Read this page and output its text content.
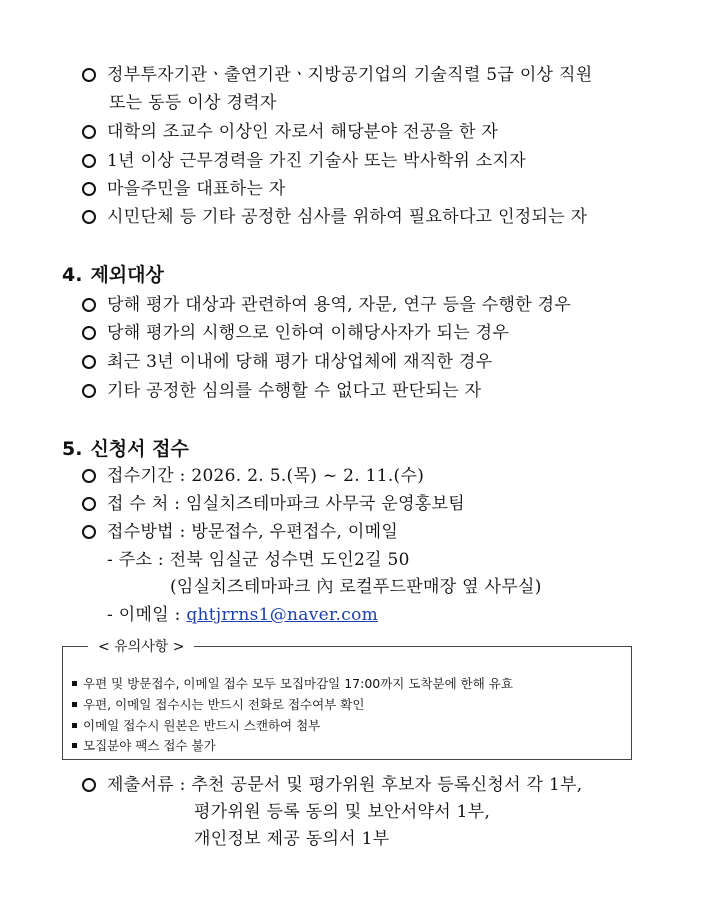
정부투자기관ㆍ출연기관ㆍ지방공기업의 기술직렬 5급 이상 직원
또는 동등 이상 경력자
대학의 조교수 이상인 자로서 해당분야 전공을 한 자
1년 이상 근무경력을 가진 기술사 또는 박사학위 소지자
마을주민을 대표하는 자
시민단체 등 기타 공정한 심사를 위하여 필요하다고 인정되는 자
4. 제외대상
당해 평가 대상과 관련하여 용역, 자문, 연구 등을 수행한 경우
당해 평가의 시행으로 인하여 이해당사자가 되는 경우
최근 3년 이내에 당해 평가 대상업체에 재직한 경우
기타 공정한 심의를 수행할 수 없다고 판단되는 자
5. 신청서 접수
접수기간 : 2026. 2. 5.(목) ~ 2. 11.(수)
접 수 처 : 임실치즈테마파크 사무국 운영홍보팀
접수방법 : 방문접수, 우편접수, 이메일
- 주소 : 전북 임실군 성수면 도인2길 50
(임실치즈테마파크 內 로컬푸드판매장 옆 사무실)
- 이메일 : qhtjrrns1@naver.com
< 유의사항 >
우편 및 방문접수, 이메일 접수 모두 모집마감일 17:00까지 도착분에 한해 유효
우편, 이메일 접수시는 반드시 전화로 접수여부 확인
이메일 접수시 원본은 반드시 스캔하여 첨부
모집분야 팩스 접수 불가
제출서류 : 추천 공문서 및 평가위원 후보자 등록신청서 각 1부,
평가위원 등록 동의 및 보안서약서 1부,
개인정보 제공 동의서 1부
